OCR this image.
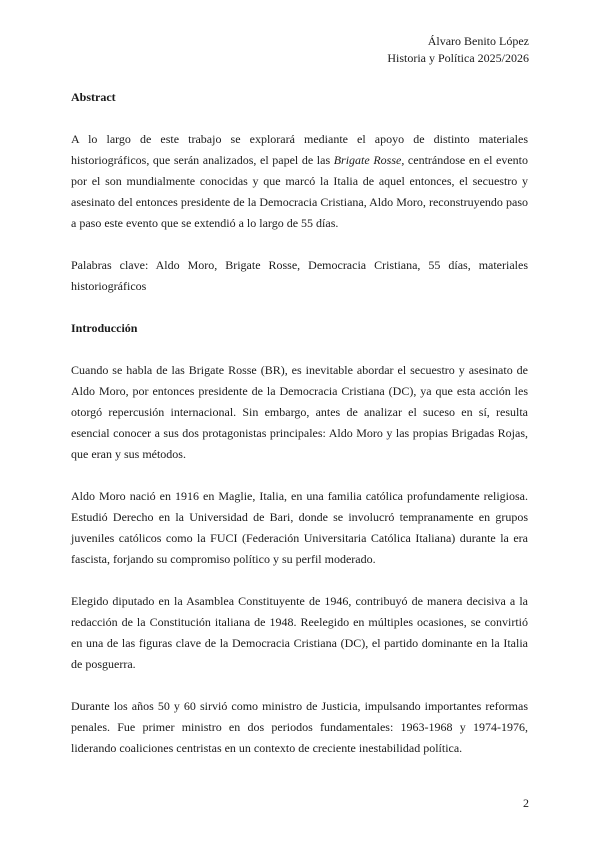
Álvaro Benito López
Historia y Política 2025/2026
Abstract

A lo largo de este trabajo se explorará mediante el apoyo de distinto materiales historiográficos, que serán analizados, el papel de las Brigate Rosse, centrándose en el evento por el son mundialmente conocidas y que marcó la Italia de aquel entonces, el secuestro y asesinato del entonces presidente de la Democracia Cristiana, Aldo Moro, reconstruyendo paso a paso este evento que se extendió a lo largo de 55 días.

Palabras clave: Aldo Moro, Brigate Rosse, Democracia Cristiana, 55 días, materiales historiográficos

Introducción

Cuando se habla de las Brigate Rosse (BR), es inevitable abordar el secuestro y asesinato de Aldo Moro, por entonces presidente de la Democracia Cristiana (DC), ya que esta acción les otorgó repercusión internacional. Sin embargo, antes de analizar el suceso en sí, resulta esencial conocer a sus dos protagonistas principales: Aldo Moro y las propias Brigadas Rojas, que eran y sus métodos.

Aldo Moro nació en 1916 en Maglie, Italia, en una familia católica profundamente religiosa. Estudió Derecho en la Universidad de Bari, donde se involucró tempranamente en grupos juveniles católicos como la FUCI (Federación Universitaria Católica Italiana) durante la era fascista, forjando su compromiso político y su perfil moderado.

Elegido diputado en la Asamblea Constituyente de 1946, contribuyó de manera decisiva a la redacción de la Constitución italiana de 1948. Reelegido en múltiples ocasiones, se convirtió en una de las figuras clave de la Democracia Cristiana (DC), el partido dominante en la Italia de posguerra.

Durante los años 50 y 60 sirvió como ministro de Justicia, impulsando importantes reformas penales. Fue primer ministro en dos periodos fundamentales: 1963-1968 y 1974-1976, liderando coaliciones centristas en un contexto de creciente inestabilidad política.

2
